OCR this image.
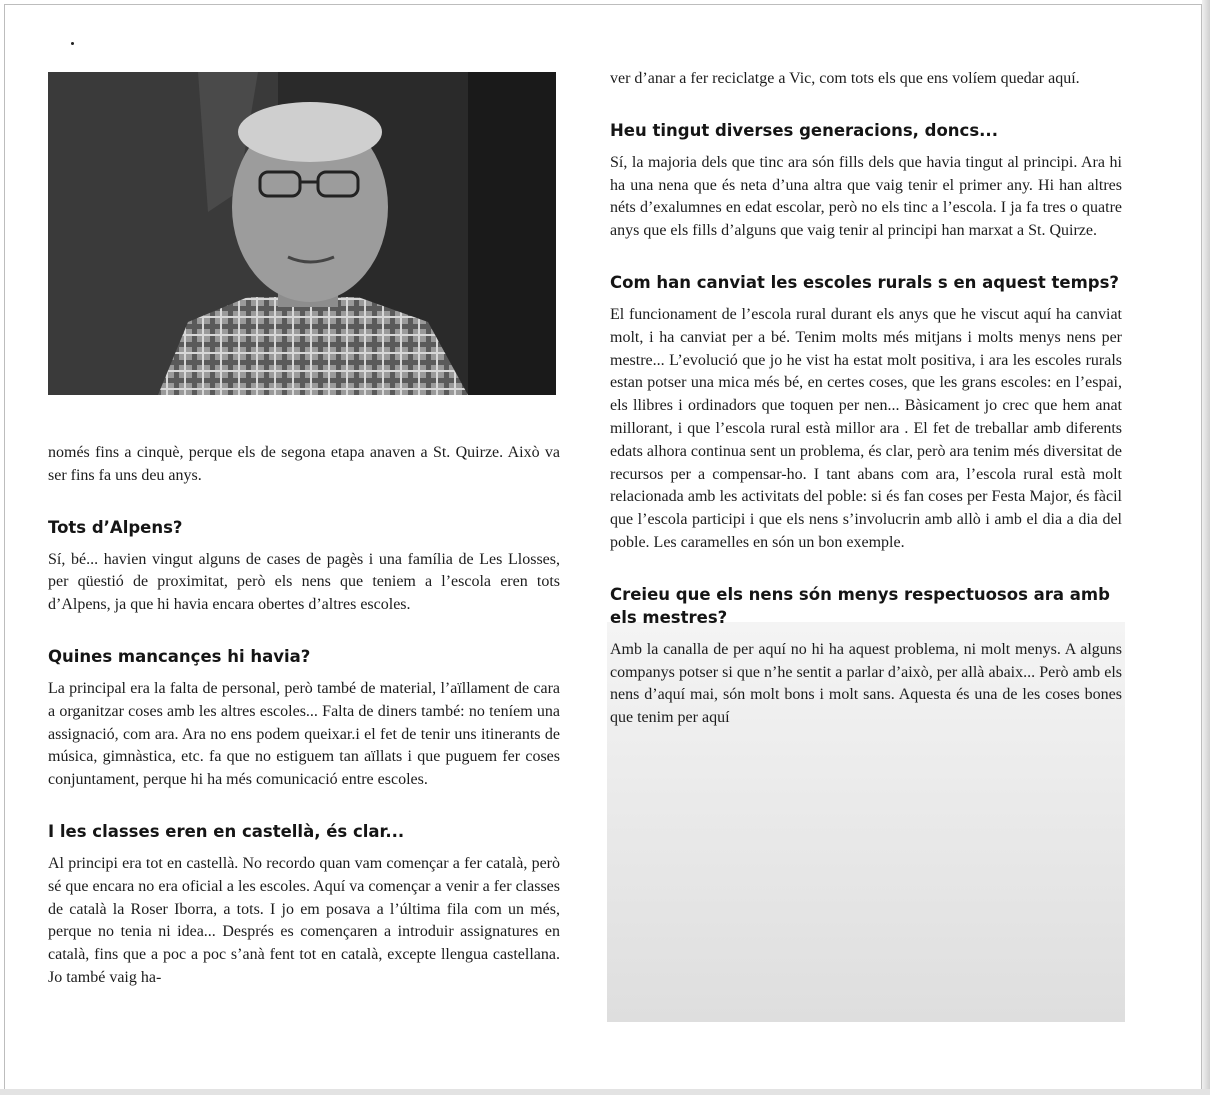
només fins a cinquè, perque els de segona etapa anaven a St. Quirze. Això va ser fins fa uns deu anys.

Tots d’Alpens?

Sí, bé... havien vingut alguns de cases de pagès i una família de Les Llosses, per qüestió de proximitat, però els nens que teniem a l’escola eren tots d’Alpens, ja que hi havia encara obertes d’altres escoles.

Quines mancançes hi havia?

La principal era la falta de personal, però també de material, l’aïllament de cara a organitzar coses amb les altres escoles... Falta de diners també: no teníem una assignació, com ara. Ara no ens podem queixar.i el fet de tenir uns itinerants de música, gimnàstica, etc. fa que no estiguem tan aïllats i que puguem fer coses conjuntament, perque hi ha més comunicació entre escoles.

I les classes eren en castellà, és clar...

Al principi era tot en castellà. No recordo quan vam començar a fer català, però sé que encara no era oficial a les escoles. Aquí va començar a venir a fer classes de català la Roser Iborra, a tots. I jo em posava a l’última fila com un més, perque no tenia ni idea... Després es començaren a introduir assignatures en català, fins que a poc a poc s’anà fent tot en català, excepte llengua castellana. Jo també vaig ha-

ver d’anar a fer reciclatge a Vic, com tots els que ens volíem quedar aquí.

Heu tingut diverses generacions, doncs...

Sí, la majoria dels que tinc ara són fills dels que havia tingut al principi. Ara hi ha una nena que és neta d’una altra que vaig tenir el primer any. Hi han altres néts d’exalumnes en edat escolar, però no els tinc a l’escola. I ja fa tres o quatre anys que els fills d’alguns que vaig tenir al principi han marxat a St. Quirze.

Com han canviat les escoles rurals s en aquest temps?

El funcionament de l’escola rural durant els anys que he viscut aquí ha canviat molt, i ha canviat per a bé. Tenim molts més mitjans i molts menys nens per mestre... L’evolució que jo he vist ha estat molt positiva, i ara les escoles rurals estan potser una mica més bé, en certes coses, que les grans escoles: en l’espai, els llibres i ordinadors que toquen per nen... Bàsicament jo crec que hem anat millorant, i que l’escola rural està millor ara . El fet de treballar amb diferents edats alhora continua sent un problema, és clar, però ara tenim més diversitat de recursos per a compensar-ho. I tant abans com ara, l’escola rural està molt relacionada amb les activitats del poble: si és fan coses per Festa Major, és fàcil que l’escola participi i que els nens s’involucrin amb allò i amb el dia a dia del poble. Les caramelles en són un bon exemple.

Creieu que els nens són menys respectuosos ara amb els mestres?

Amb la canalla de per aquí no hi ha aquest problema, ni molt menys. A alguns companys potser si que n’he sentit a parlar d’això, per allà abaix... Però amb els nens d’aquí mai, són molt bons i molt sans. Aquesta és una de les coses bones que tenim per aquí
